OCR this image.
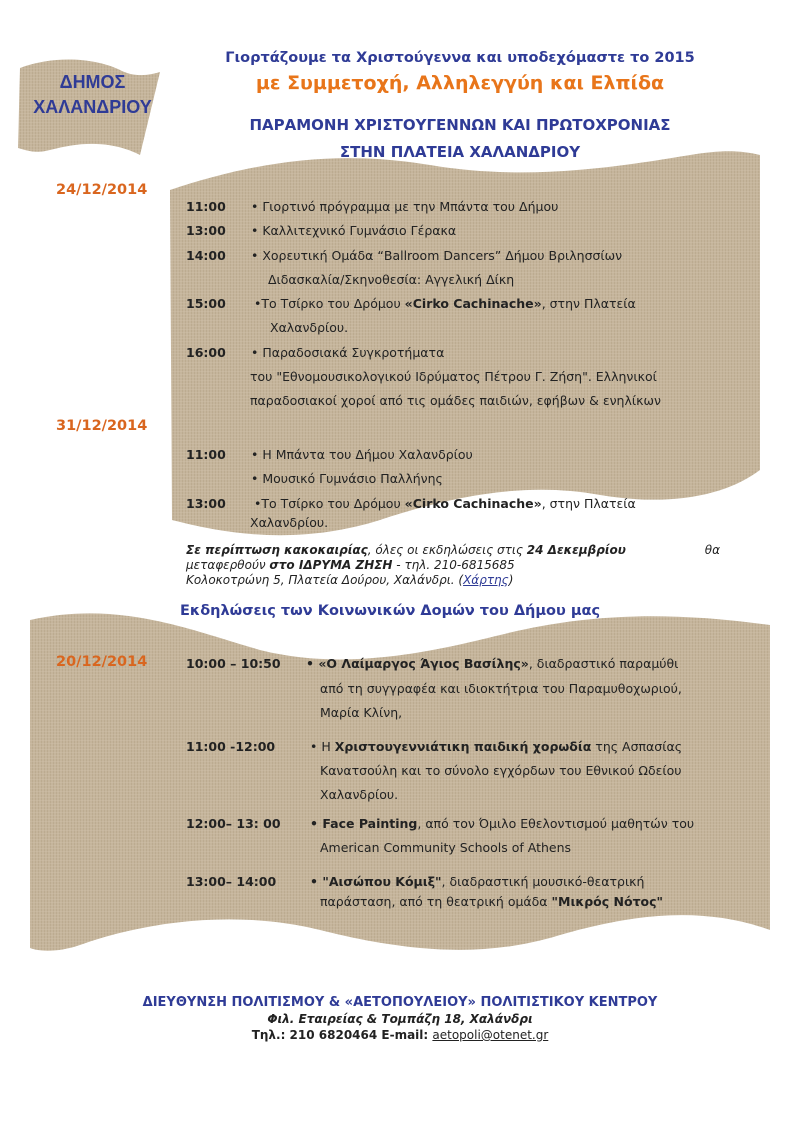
ΔΗΜΟΣ
ΧΑΛΑΝΔΡΙΟΥ
Γιορτάζουμε τα Χριστούγεννα και υποδεχόμαστε το 2015
με Συμμετοχή, Αλληλεγγύη και Ελπίδα
ΠΑΡΑΜΟΝΗ ΧΡΙΣΤΟΥΓΕΝΝΩΝ ΚΑΙ ΠΡΩΤΟΧΡΟΝΙΑΣ
ΣΤΗΝ ΠΛΑΤΕΙΑ ΧΑΛΑΝΔΡΙΟΥ
24/12/2014
11:00 • Γιορτινό πρόγραμμα με την Μπάντα του Δήμου
13:00 • Καλλιτεχνικό Γυμνάσιο Γέρακα
14:00 • Χορευτική Ομάδα “Ballroom Dancers” Δήμου Βριλησσίων
Διδασκαλία/Σκηνοθεσία: Αγγελική Δίκη
15:00 •Το Τσίρκο του Δρόμου «Cirko Cachinache», στην Πλατεία
Χαλανδρίου.
16:00 • Παραδοσιακά Συγκροτήματα
του "Εθνομουσικολογικού Ιδρύματος Πέτρου Γ. Ζήση". Ελληνικοί
παραδοσιακοί χοροί από τις ομάδες παιδιών, εφήβων & ενηλίκων
31/12/2014
11:00 • Η Μπάντα του Δήμου Χαλανδρίου
• Μουσικό Γυμνάσιο Παλλήνης
13:00 •Το Τσίρκο του Δρόμου «Cirko Cachinache», στην Πλατεία
Χαλανδρίου.
Σε περίπτωση κακοκαιρίας, όλες οι εκδηλώσεις στις 24 Δεκεμβρίου	θα
μεταφερθούν στο ΙΔΡΥΜΑ ΖΗΣΗ - τηλ. 210-6815685
Κολοκοτρώνη 5, Πλατεία Δούρου, Χαλάνδρι. (Χάρτης)
Εκδηλώσεις των Κοινωνικών Δομών του Δήμου μας
20/12/2014	10:00 – 10:50 • «Ο Λαίμαργος Άγιος Βασίλης», διαδραστικό παραμύθι
από τη συγγραφέα και ιδιοκτήτρια του Παραμυθοχωριού,
Μαρία Κλίνη,
11:00 -12:00	• Η Χριστουγεννιάτικη παιδική χορωδία της Ασπασίας
Κανατσούλη και το σύνολο εγχόρδων του Εθνικού Ωδείου
Χαλανδρίου.
12:00– 13: 00 • Face Painting, από τον Όμιλο Εθελοντισμού μαθητών του
American Community Schools of Athens
13:00– 14:00	• "Αισώπου Κόμιξ", διαδραστική μουσικό-θεατρική
παράσταση, από τη θεατρική ομάδα "Μικρός Νότος"
ΔΙΕΥΘΥΝΣΗ ΠΟΛΙΤΙΣΜΟΥ & «ΑΕΤΟΠΟΥΛΕΙΟΥ» ΠΟΛΙΤΙΣΤΙΚΟΥ ΚΕΝΤΡΟΥ
Φιλ. Εταιρείας & Τομπάζη 18, Χαλάνδρι
Τηλ.: 210 6820464 E-mail: aetopoli@otenet.gr
